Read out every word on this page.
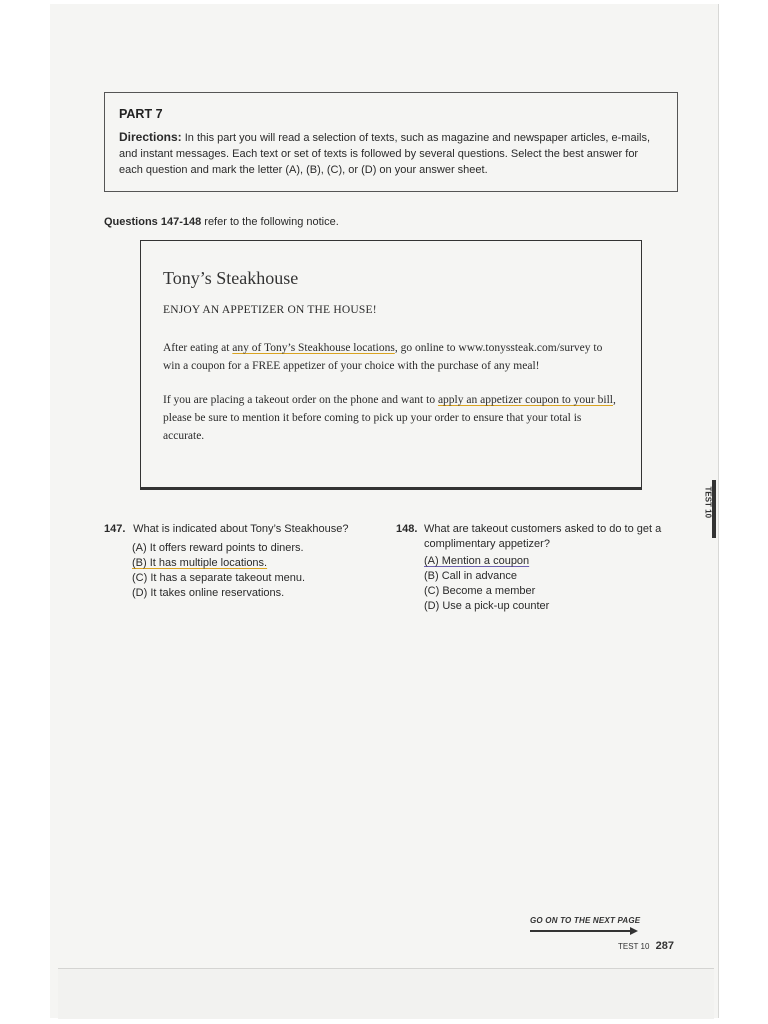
PART 7
Directions: In this part you will read a selection of texts, such as magazine and newspaper articles, e-mails, and instant messages. Each text or set of texts is followed by several questions. Select the best answer for each question and mark the letter (A), (B), (C), or (D) on your answer sheet.
Questions 147-148 refer to the following notice.
Tony’s Steakhouse
ENJOY AN APPETIZER ON THE HOUSE!

After eating at any of Tony’s Steakhouse locations, go online to www.tonyssteak.com/survey to win a coupon for a FREE appetizer of your choice with the purchase of any meal!

If you are placing a takeout order on the phone and want to apply an appetizer coupon to your bill, please be sure to mention it before coming to pick up your order to ensure that your total is accurate.

TEST 10
147. What is indicated about Tony’s Steakhouse?
(A) It offers reward points to diners.
(B) It has multiple locations.
(C) It has a separate takeout menu.
(D) It takes online reservations.
148. What are takeout customers asked to do to get a complimentary appetizer?
(A) Mention a coupon
(B) Call in advance
(C) Become a member
(D) Use a pick-up counter
GO ON TO THE NEXT PAGE
TEST 10 287
